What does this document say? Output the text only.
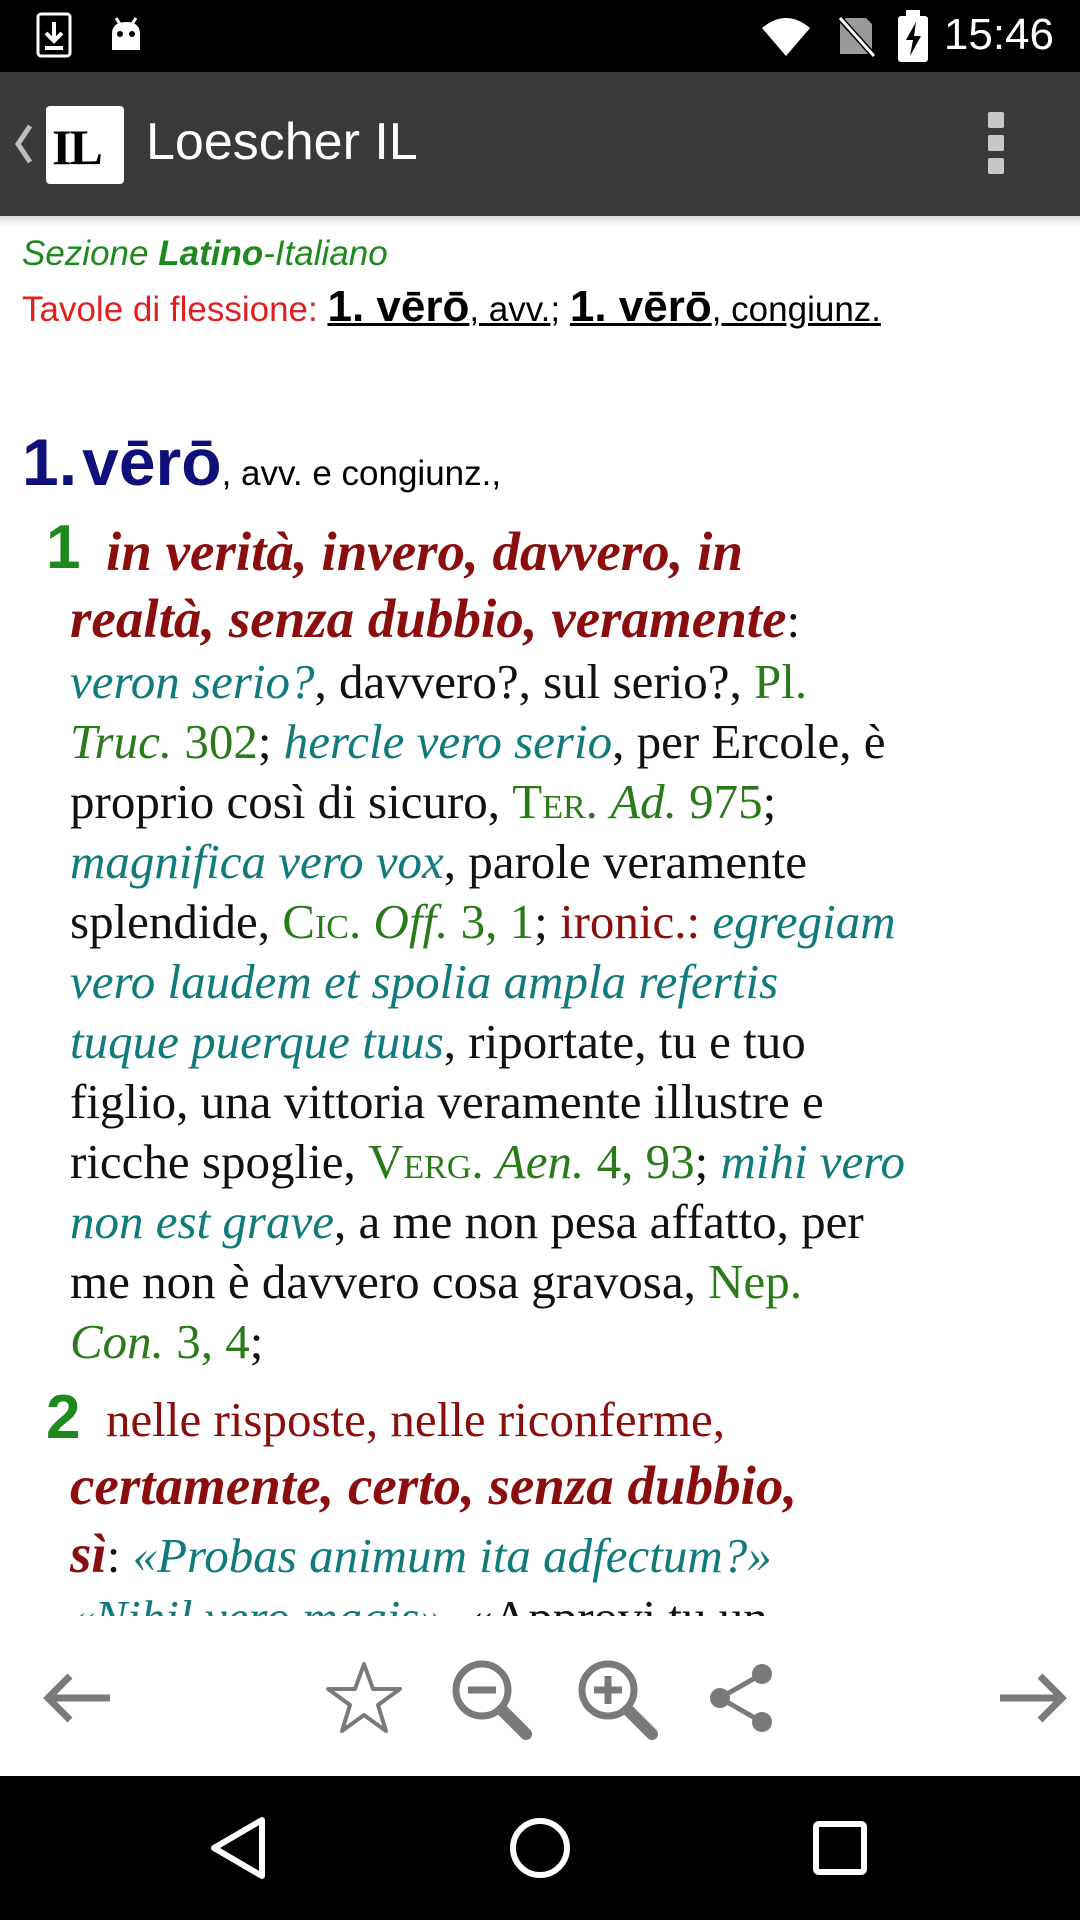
15:46
IL Loescher IL
Sezione Latino-Italiano
Tavole di flessione: 1. vērō, avv.; 1. vērō, congiunz.
1. vērō, avv. e congiunz.,
1 in verità, invero, davvero, in
realtà, senza dubbio, veramente:
veron serio?, davvero?, sul serio?, Pl.
Truc. 302; hercle vero serio, per Ercole, è
proprio così di sicuro, Ter. Ad. 975;
magnifica vero vox, parole veramente
splendide, Cic. Off. 3, 1; ironic.: egregiam
vero laudem et spolia ampla refertis
tuque puerque tuus, riportate, tu e tuo
figlio, una vittoria veramente illustre e
ricche spoglie, Verg. Aen. 4, 93; mihi vero
non est grave, a me non pesa affatto, per
me non è davvero cosa gravosa, Nep.
Con. 3, 4;
2 nelle risposte, nelle riconferme,
certamente, certo, senza dubbio,
sì: «Probas animum ita adfectum?»
